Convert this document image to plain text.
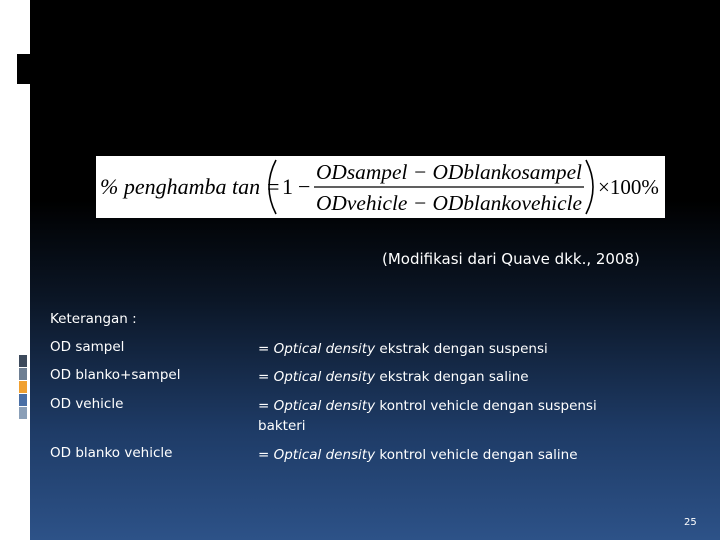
% penghamba tan = 1 −
ODsampel − ODblankosampel
ODvehicle − ODblankovehicle
×100%
(Modifikasi dari Quave dkk., 2008)
Keterangan :
OD sampel	= Optical density ekstrak dengan suspensi
OD blanko+sampel	= Optical density ekstrak dengan saline
OD vehicle	= Optical density kontrol vehicle dengan suspensi bakteri
OD blanko vehicle	= Optical density kontrol vehicle dengan saline
25
